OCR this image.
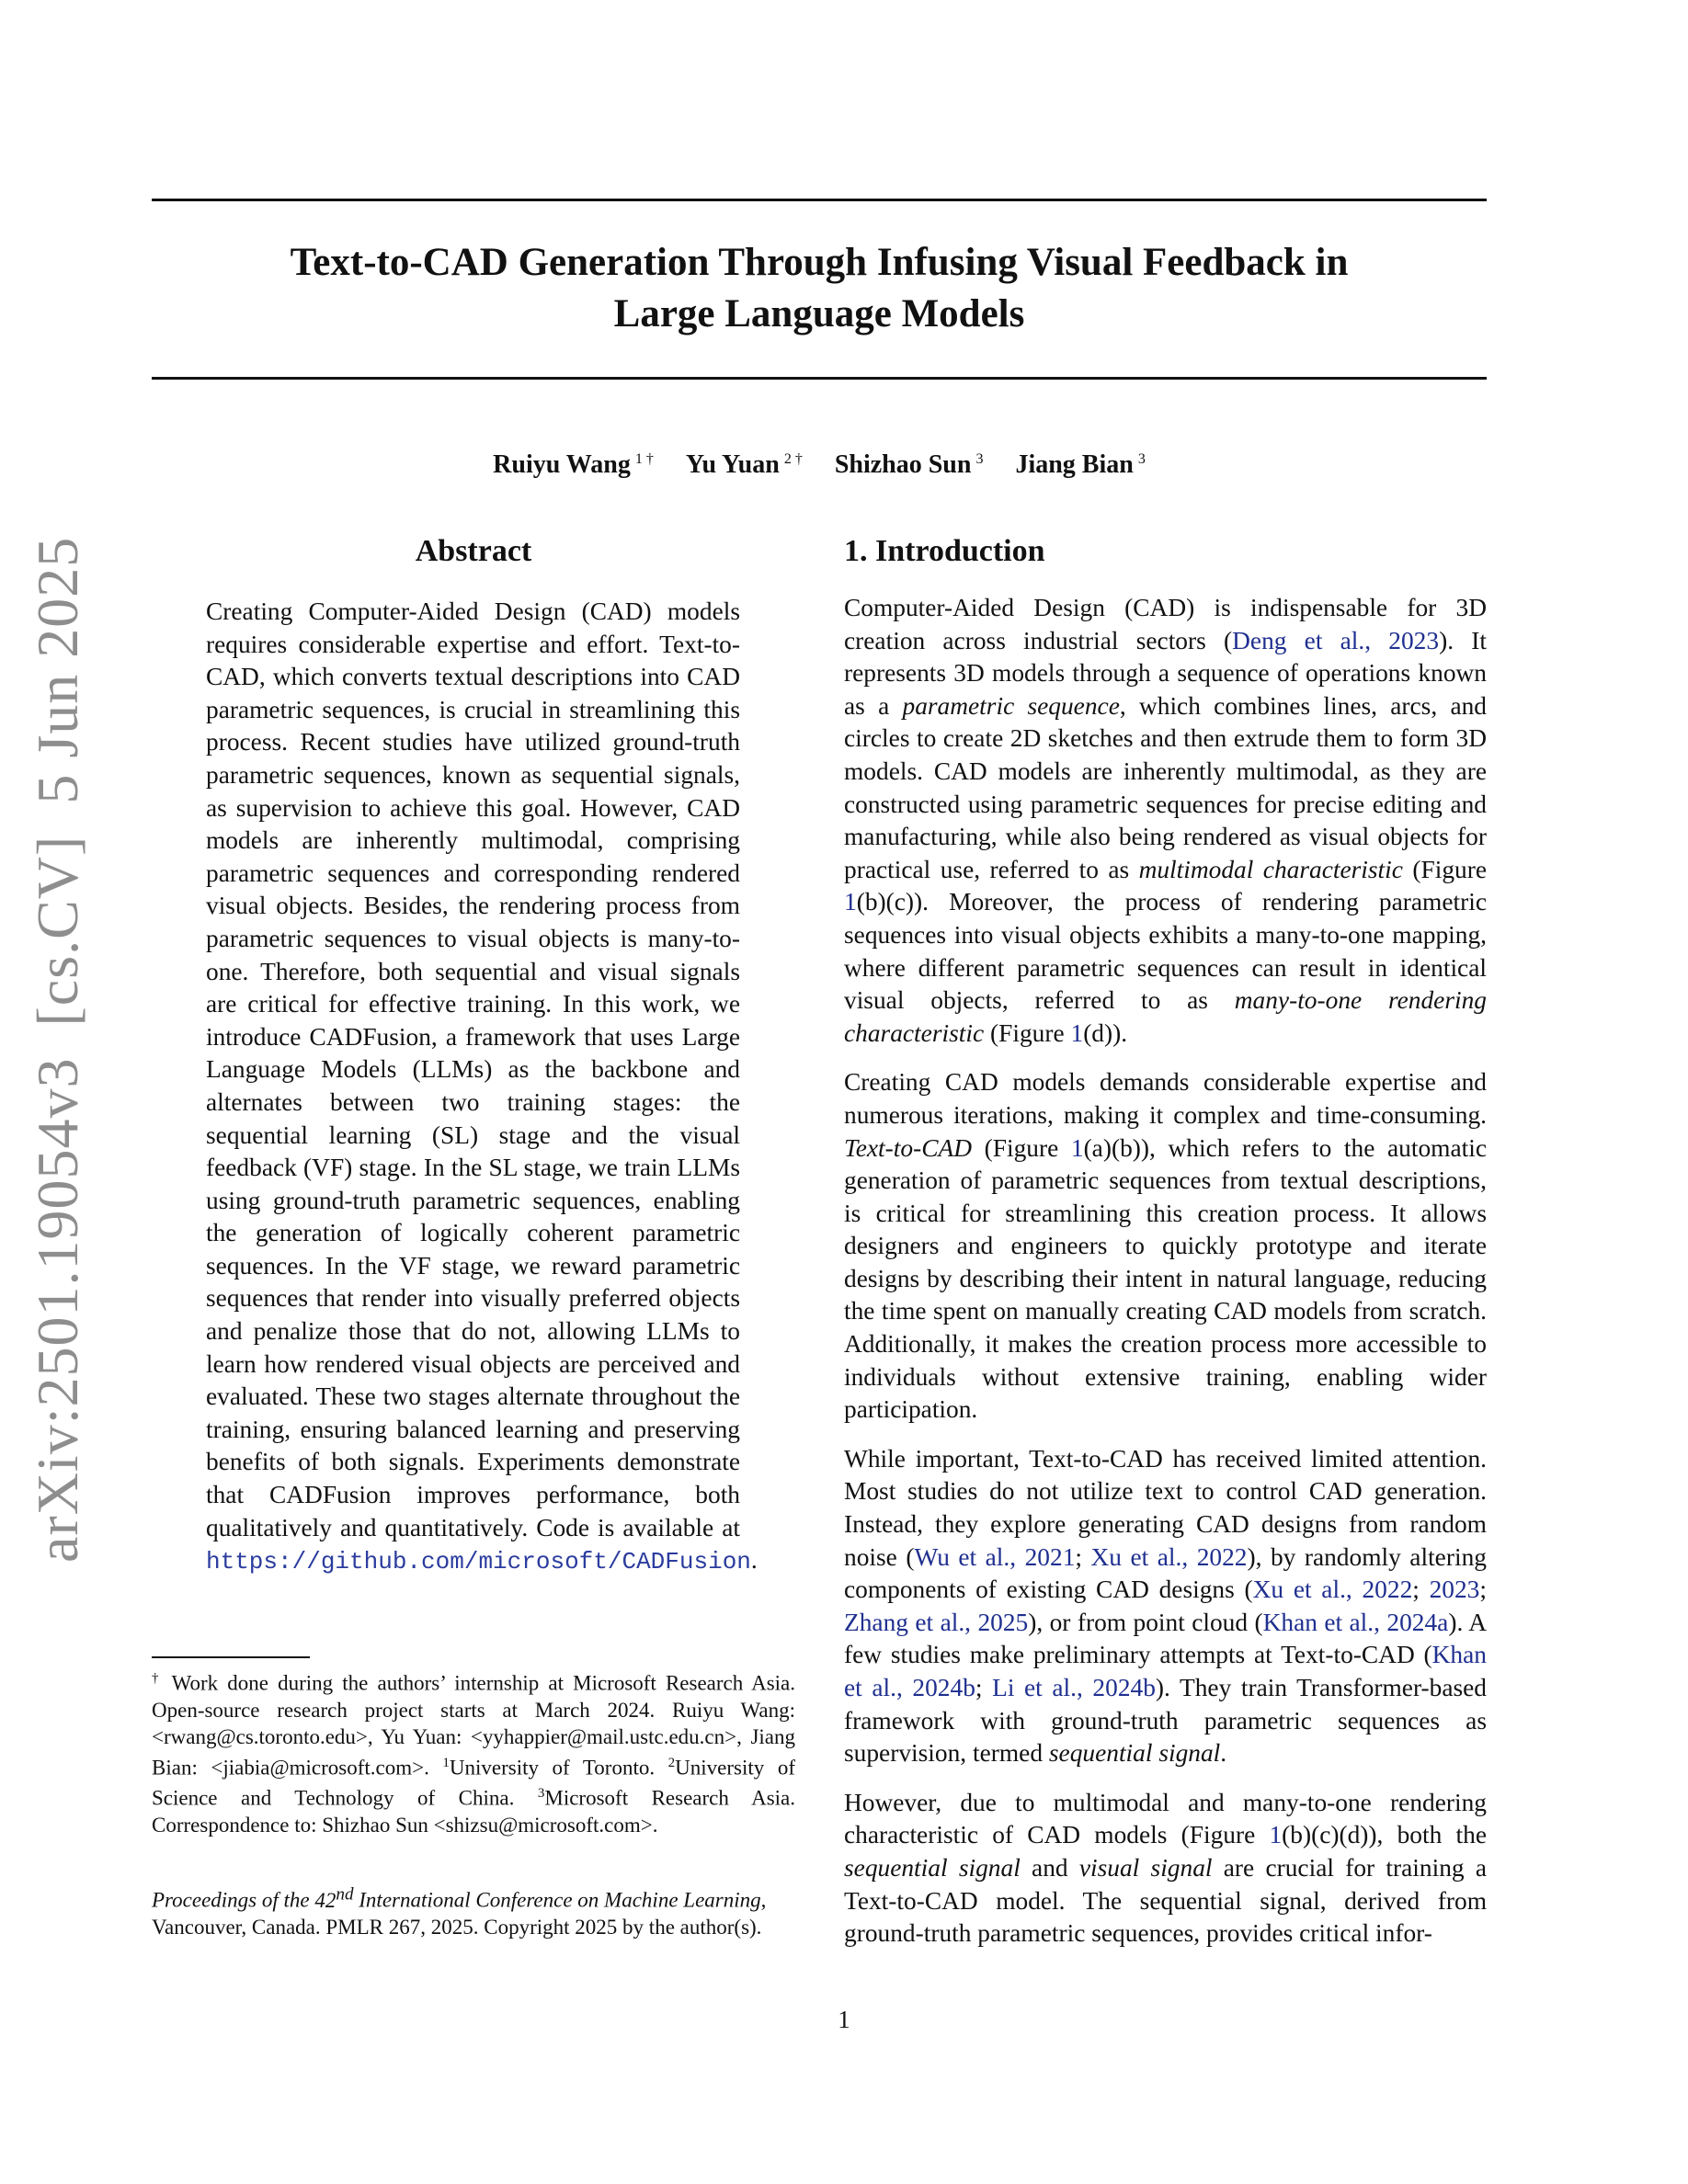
arXiv:2501.19054v3  [cs.CV]  5 Jun 2025
Text-to-CAD Generation Through Infusing Visual Feedback in
Large Language Models
Ruiyu Wang $^{1 \dagger}$ Yu Yuan $^{2 \dagger}$ Shizhao Sun $^3$ Jiang Bian $^3$
Abstract
Creating Computer-Aided Design (CAD) models requires considerable expertise and effort. Text-to-CAD, which converts textual descriptions into CAD parametric sequences, is crucial in streamlining this process. Recent studies have utilized ground-truth parametric sequences, known as sequential signals, as supervision to achieve this goal. However, CAD models are inherently multimodal, comprising parametric sequences and corresponding rendered visual objects. Besides, the rendering process from parametric sequences to visual objects is many-to-one. Therefore, both sequential and visual signals are critical for effective training. In this work, we introduce CADFusion, a framework that uses Large Language Models (LLMs) as the backbone and alternates between two training stages: the sequential learning (SL) stage and the visual feedback (VF) stage. In the SL stage, we train LLMs using ground-truth parametric sequences, enabling the generation of logically coherent parametric sequences. In the VF stage, we reward parametric sequences that render into visually preferred objects and penalize those that do not, allowing LLMs to learn how rendered visual objects are perceived and evaluated. These two stages alternate throughout the training, ensuring balanced learning and preserving benefits of both signals. Experiments demonstrate that CADFusion improves performance, both qualitatively and quantitatively. Code is available at https://github.com/microsoft/CADFusion.
† Work done during the authors’ internship at Microsoft Research Asia. Open-source research project starts at March 2024. Ruiyu Wang: <rwang@cs.toronto.edu>, Yu Yuan: <yyhappier@mail.ustc.edu.cn>, Jiang Bian: <jiabia@microsoft.com>. $^1$University of Toronto. $^2$University of Science and Technology of China. $^3$Microsoft Research Asia. Correspondence to: Shizhao Sun <shizsu@microsoft.com>.
Proceedings of the 42nd International Conference on Machine Learning, Vancouver, Canada. PMLR 267, 2025. Copyright 2025 by the author(s).
1. Introduction

Computer-Aided Design (CAD) is indispensable for 3D creation across industrial sectors (Deng et al., 2023). It represents 3D models through a sequence of operations known as a parametric sequence, which combines lines, arcs, and circles to create 2D sketches and then extrude them to form 3D models. CAD models are inherently multimodal, as they are constructed using parametric sequences for precise editing and manufacturing, while also being rendered as visual objects for practical use, referred to as multimodal characteristic (Figure 1(b)(c)). Moreover, the process of rendering parametric sequences into visual objects exhibits a many-to-one mapping, where different parametric sequences can result in identical visual objects, referred to as many-to-one rendering characteristic (Figure 1(d)).

Creating CAD models demands considerable expertise and numerous iterations, making it complex and time-consuming. Text-to-CAD (Figure 1(a)(b)), which refers to the automatic generation of parametric sequences from textual descriptions, is critical for streamlining this creation process. It allows designers and engineers to quickly prototype and iterate designs by describing their intent in natural language, reducing the time spent on manually creating CAD models from scratch. Additionally, it makes the creation process more accessible to individuals without extensive training, enabling wider participation.

While important, Text-to-CAD has received limited attention. Most studies do not utilize text to control CAD generation. Instead, they explore generating CAD designs from random noise (Wu et al., 2021; Xu et al., 2022), by randomly altering components of existing CAD designs (Xu et al., 2022; 2023; Zhang et al., 2025), or from point cloud (Khan et al., 2024a). A few studies make preliminary attempts at Text-to-CAD (Khan et al., 2024b; Li et al., 2024b). They train Transformer-based framework with ground-truth parametric sequences as supervision, termed sequential signal.

However, due to multimodal and many-to-one rendering characteristic of CAD models (Figure 1(b)(c)(d)), both the sequential signal and visual signal are crucial for training a Text-to-CAD model. The sequential signal, derived from ground-truth parametric sequences, provides critical infor-

1
